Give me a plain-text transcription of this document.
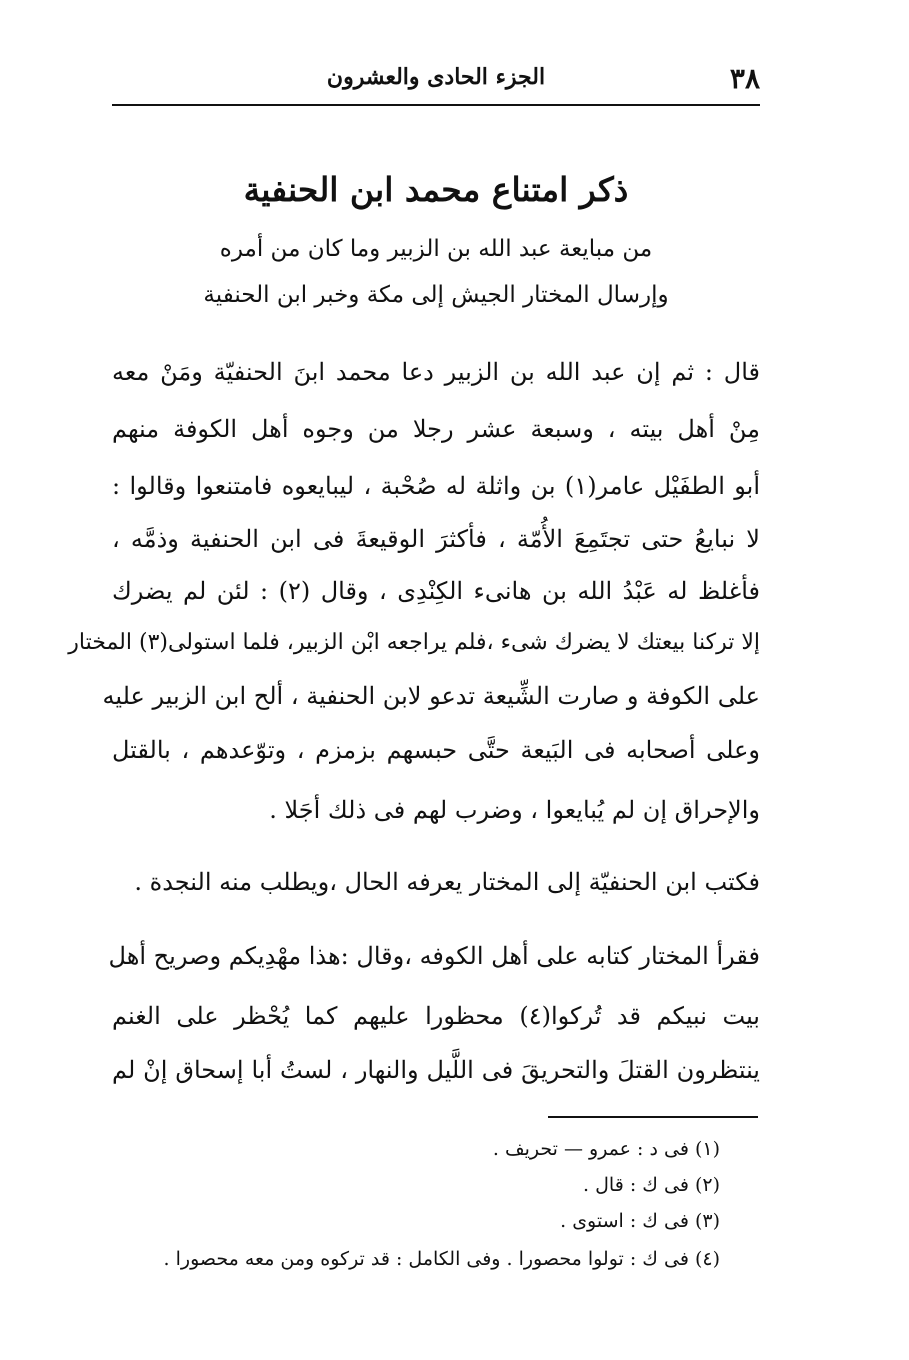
٣٨
الجزء الحادى والعشرون
ذكر امتناع محمد ابن الحنفية
من مبايعة عبد الله بن الزبير وما كان من أمره
وإرسال المختار الجيش إلى مكة وخبر ابن الحنفية
قال : ثم إن عبد الله بن الزبير دعا محمد ابنَ الحنفيّة ومَنْ معه
مِنْ أهل بيته ، وسبعة عشر رجلا من وجوه أهل الكوفة منهم
أبو الطفَيْل عامر(١) بن واثلة له صُحْبة ، ليبايعوه فامتنعوا وقالوا :
لا نبايعُ حتى تجتَمِعَ الأُمّة ، فأكثرَ الوقيعةَ فى ابن الحنفية وذمَّه ،
فأغلظ له عَبْدُ الله بن هانىء الكِنْدِى ، وقال (٢) : لئن لم يضرك
إلا تركنا بيعتك لا يضرك شىء ،فلم يراجعه ابْن الزبير، فلما استولى(٣) المختار
على الكوفة و صارت الشِّيعة تدعو لابن الحنفية ، ألح ابن الزبير عليه
وعلى أصحابه فى البَيعة حتَّى حبسهم بزمزم ، وتوّعدهم ، بالقتل
والإحراق إن لم يُبايعوا ، وضرب لهم فى ذلك أجَلا .
فكتب ابن الحنفيّة إلى المختار يعرفه الحال ،ويطلب منه النجدة .
فقرأ المختار كتابه على أهل الكوفه ،وقال :هذا مهْدِيكم وصريح أهل
بيت نبيكم قد تُركوا(٤) محظورا عليهم كما يُحْظر على الغنم
ينتظرون القتلَ والتحريقَ فى اللَّيل والنهار ، لستُ أبا إسحاق إنْ لم
(١) فى د : عمرو — تحريف .
(٢) فى ك : قال .
(٣) فى ك : استوى .
(٤) فى ك : تولوا محصورا . وفى الكامل : قد تركوه ومن معه محصورا .
